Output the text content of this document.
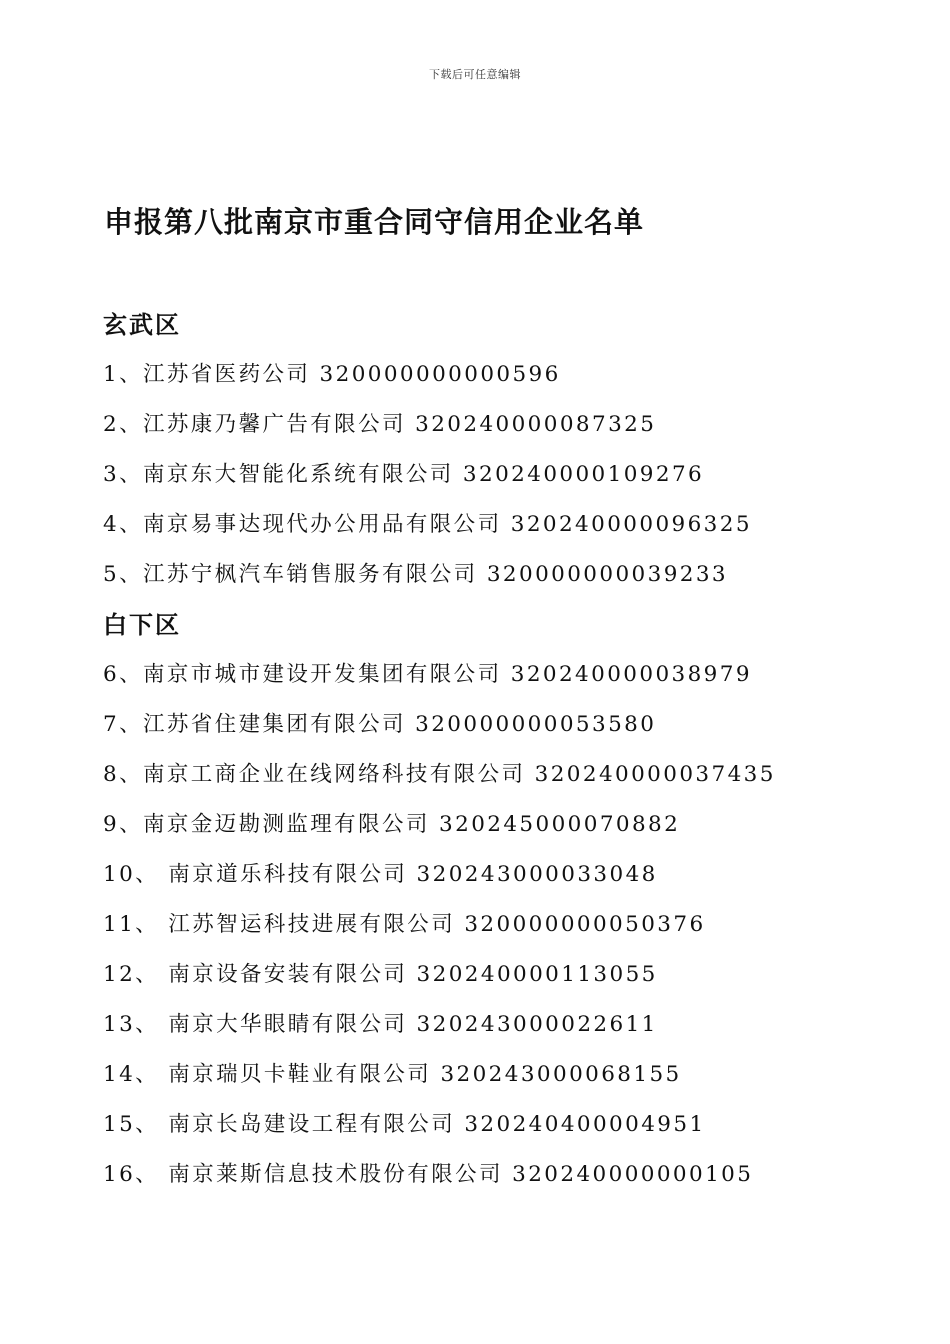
下载后可任意编辑
申报第八批南京市重合同守信用企业名单
玄武区
1、江苏省医药公司 320000000000596
2、江苏康乃馨广告有限公司 320240000087325
3、南京东大智能化系统有限公司 320240000109276
4、南京易事达现代办公用品有限公司 320240000096325
5、江苏宁枫汽车销售服务有限公司 320000000039233
白下区
6、南京市城市建设开发集团有限公司 320240000038979
7、江苏省住建集团有限公司 320000000053580
8、南京工商企业在线网络科技有限公司 320240000037435
9、南京金迈勘测监理有限公司 320245000070882
10、 南京道乐科技有限公司 320243000033048
11、 江苏智运科技进展有限公司 320000000050376
12、 南京设备安装有限公司 320240000113055
13、 南京大华眼睛有限公司 320243000022611
14、 南京瑞贝卡鞋业有限公司 320243000068155
15、 南京长岛建设工程有限公司 320240400004951
16、 南京莱斯信息技术股份有限公司 320240000000105
